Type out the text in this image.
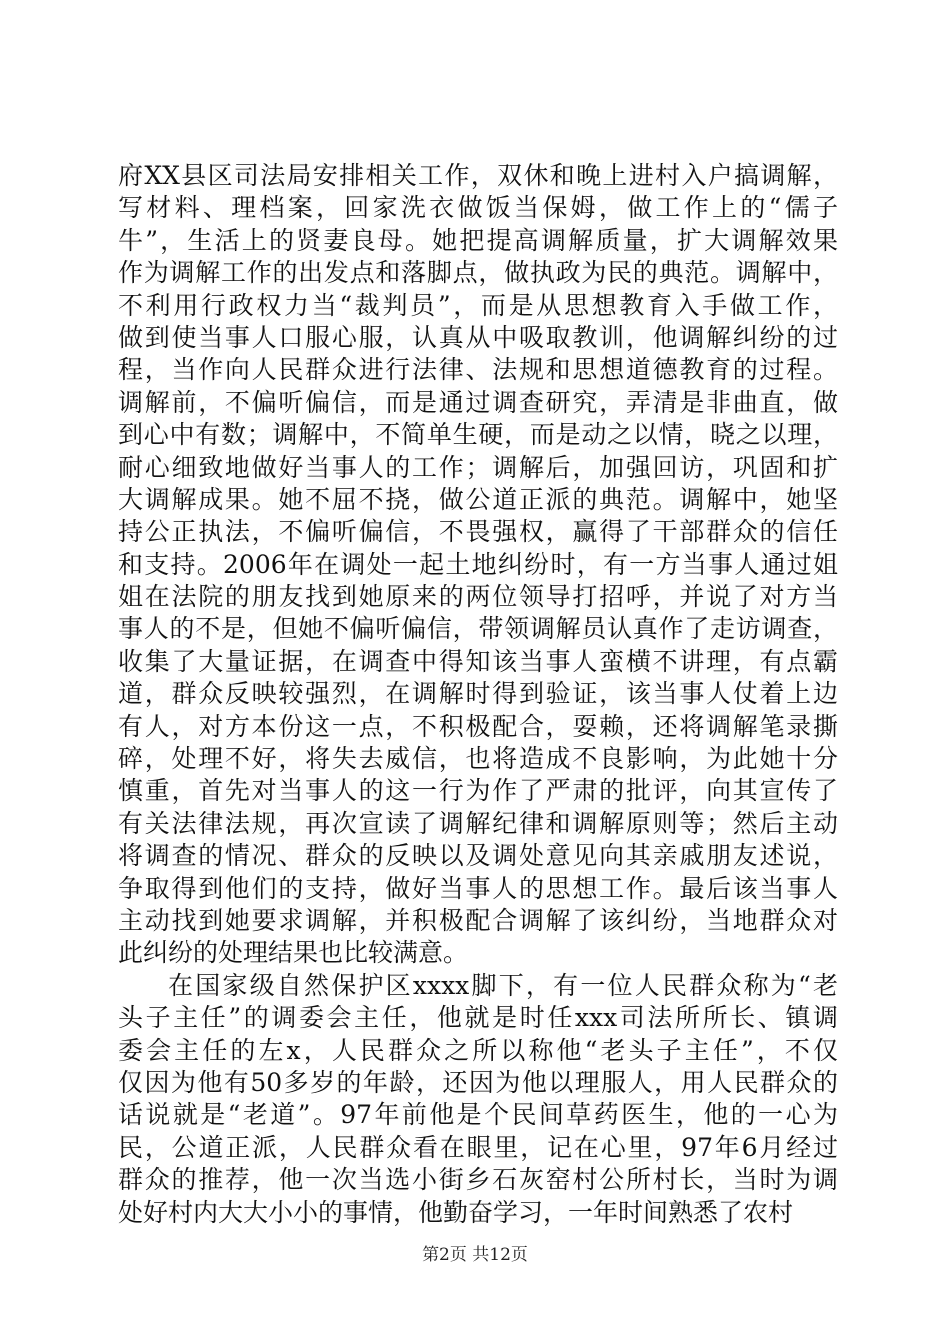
府XX县区司法局安排相关工作，双休和晚上进村入户搞调解，
写材料、理档案，回家洗衣做饭当保姆，做工作上的“儒子
牛”，生活上的贤妻良母。她把提高调解质量，扩大调解效果
作为调解工作的出发点和落脚点，做执政为民的典范。调解中，
不利用行政权力当“裁判员”，而是从思想教育入手做工作，
做到使当事人口服心服，认真从中吸取教训，他调解纠纷的过
程，当作向人民群众进行法律、法规和思想道德教育的过程。
调解前，不偏听偏信，而是通过调查研究，弄清是非曲直，做
到心中有数；调解中，不简单生硬，而是动之以情，晓之以理，
耐心细致地做好当事人的工作；调解后，加强回访，巩固和扩
大调解成果。她不屈不挠，做公道正派的典范。调解中，她坚
持公正执法，不偏听偏信，不畏强权，赢得了干部群众的信任
和支持。2006年在调处一起土地纠纷时，有一方当事人通过姐
姐在法院的朋友找到她原来的两位领导打招呼，并说了对方当
事人的不是，但她不偏听偏信，带领调解员认真作了走访调查，
收集了大量证据，在调查中得知该当事人蛮横不讲理，有点霸
道，群众反映较强烈，在调解时得到验证，该当事人仗着上边
有人，对方本份这一点，不积极配合，耍赖，还将调解笔录撕
碎，处理不好，将失去威信，也将造成不良影响，为此她十分
慎重，首先对当事人的这一行为作了严肃的批评，向其宣传了
有关法律法规，再次宣读了调解纪律和调解原则等；然后主动
将调查的情况、群众的反映以及调处意见向其亲戚朋友述说，
争取得到他们的支持，做好当事人的思想工作。最后该当事人
主动找到她要求调解，并积极配合调解了该纠纷，当地群众对
此纠纷的处理结果也比较满意。
在国家级自然保护区xxxx脚下，有一位人民群众称为“老
头子主任”的调委会主任，他就是时任xxx司法所所长、镇调
委会主任的左x，人民群众之所以称他“老头子主任”，不仅
仅因为他有50多岁的年龄，还因为他以理服人，用人民群众的
话说就是“老道”。97年前他是个民间草药医生，他的一心为
民，公道正派，人民群众看在眼里，记在心里，97年6月经过
群众的推荐，他一次当选小街乡石灰窑村公所村长，当时为调
处好村内大大小小的事情，他勤奋学习，一年时间熟悉了农村
第2页 共12页
